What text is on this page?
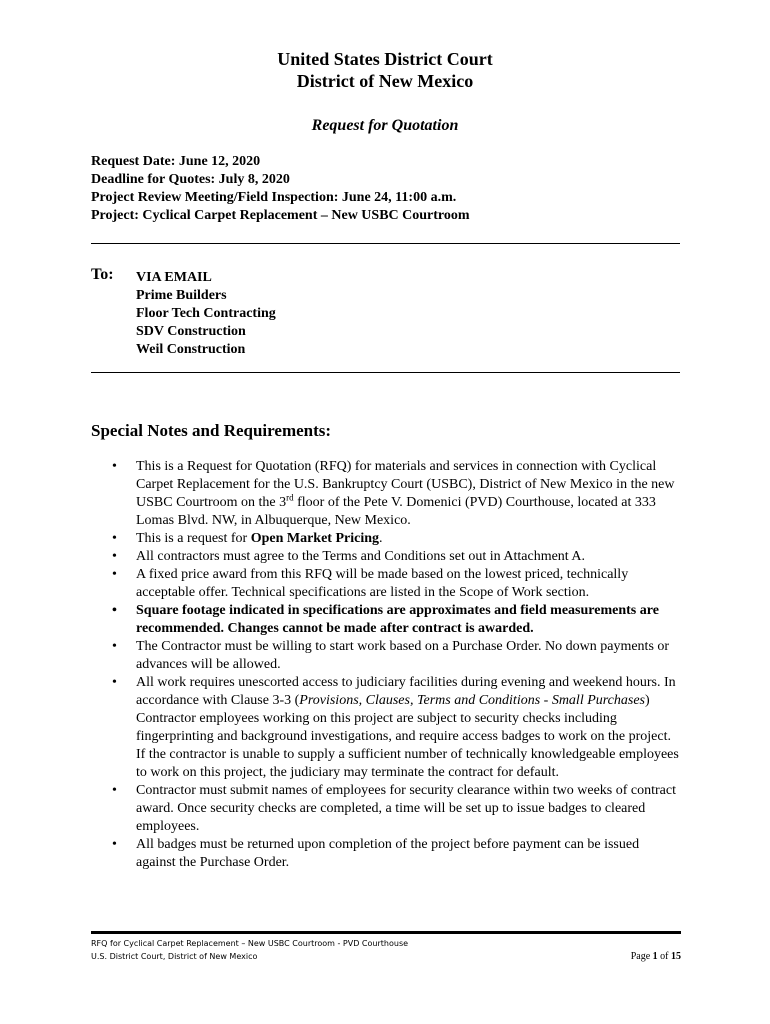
United States District Court
District of New Mexico
Request for Quotation
Request Date: June 12, 2020
Deadline for Quotes: July 8, 2020
Project Review Meeting/Field Inspection: June 24, 11:00 a.m.
Project: Cyclical Carpet Replacement – New USBC Courtroom
To: VIA EMAIL
Prime Builders
Floor Tech Contracting
SDV Construction
Weil Construction
Special Notes and Requirements:
• This is a Request for Quotation (RFQ) for materials and services in connection with Cyclical Carpet Replacement for the U.S. Bankruptcy Court (USBC), District of New Mexico in the new USBC Courtroom on the 3rd floor of the Pete V. Domenici (PVD) Courthouse, located at 333 Lomas Blvd. NW, in Albuquerque, New Mexico.
• This is a request for Open Market Pricing.
• All contractors must agree to the Terms and Conditions set out in Attachment A.
• A fixed price award from this RFQ will be made based on the lowest priced, technically acceptable offer. Technical specifications are listed in the Scope of Work section.
• Square footage indicated in specifications are approximates and field measurements are recommended. Changes cannot be made after contract is awarded.
• The Contractor must be willing to start work based on a Purchase Order. No down payments or advances will be allowed.
• All work requires unescorted access to judiciary facilities during evening and weekend hours. In accordance with Clause 3-3 (Provisions, Clauses, Terms and Conditions - Small Purchases) Contractor employees working on this project are subject to security checks including fingerprinting and background investigations, and require access badges to work on the project. If the contractor is unable to supply a sufficient number of technically knowledgeable employees to work on this project, the judiciary may terminate the contract for default.
• Contractor must submit names of employees for security clearance within two weeks of contract award. Once security checks are completed, a time will be set up to issue badges to cleared employees.
• All badges must be returned upon completion of the project before payment can be issued against the Purchase Order.
RFQ for Cyclical Carpet Replacement – New USBC Courtroom - PVD Courthouse
U.S. District Court, District of New Mexico	Page 1 of 15
